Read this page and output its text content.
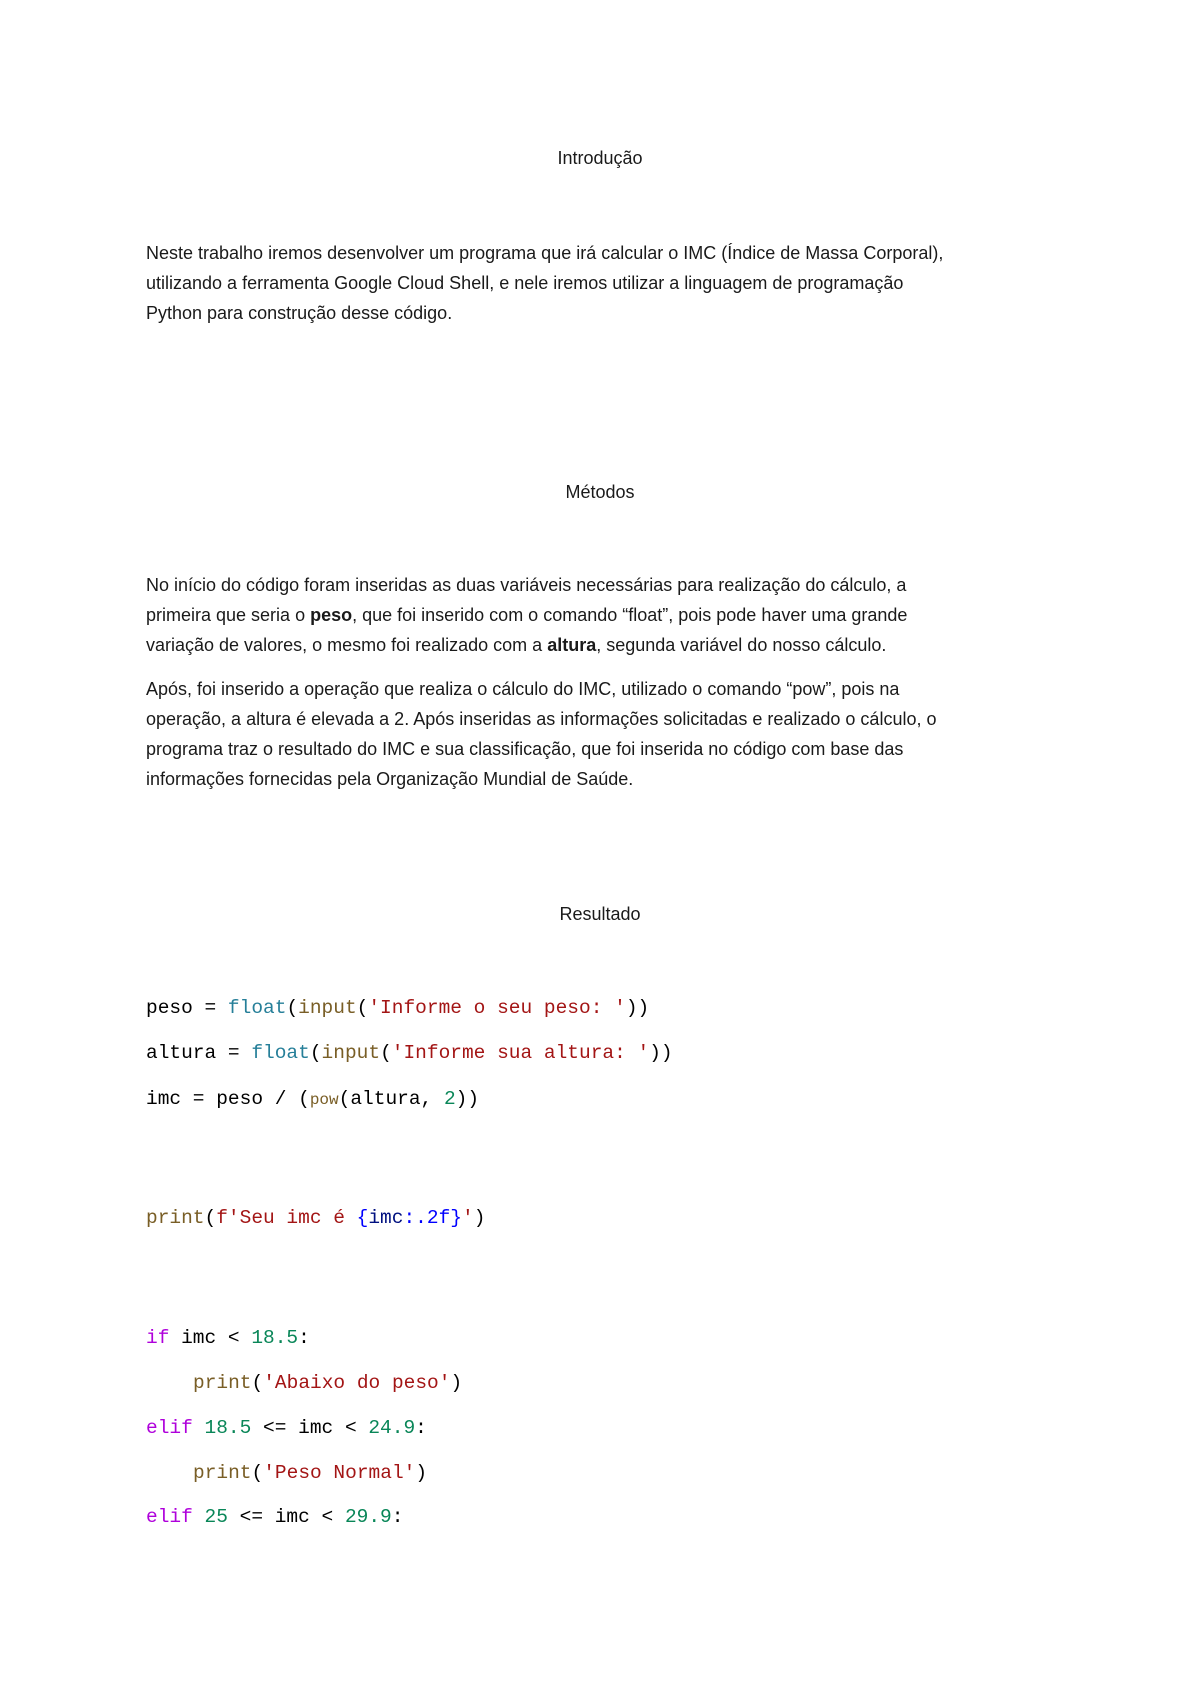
Introdução
Neste trabalho iremos desenvolver um programa que irá calcular o IMC (Índice de Massa Corporal),
utilizando a ferramenta Google Cloud Shell, e nele iremos utilizar a linguagem de programação
Python para construção desse código.
Métodos
No início do código foram inseridas as duas variáveis necessárias para realização do cálculo, a
primeira que seria o peso, que foi inserido com o comando “float”, pois pode haver uma grande
variação de valores, o mesmo foi realizado com a altura, segunda variável do nosso cálculo.
Após, foi inserido a operação que realiza o cálculo do IMC, utilizado o comando “pow”, pois na
operação, a altura é elevada a 2. Após inseridas as informações solicitadas e realizado o cálculo, o
programa traz o resultado do IMC e sua classificação, que foi inserida no código com base das
informações fornecidas pela Organização Mundial de Saúde.
Resultado
peso = float(input('Informe o seu peso: '))
altura = float(input('Informe sua altura: '))
imc = peso / (pow(altura, 2))
print(f'Seu imc é {imc:.2f}')
if imc < 18.5:
print('Abaixo do peso')
elif 18.5 <= imc < 24.9:
print('Peso Normal')
elif 25 <= imc < 29.9:
